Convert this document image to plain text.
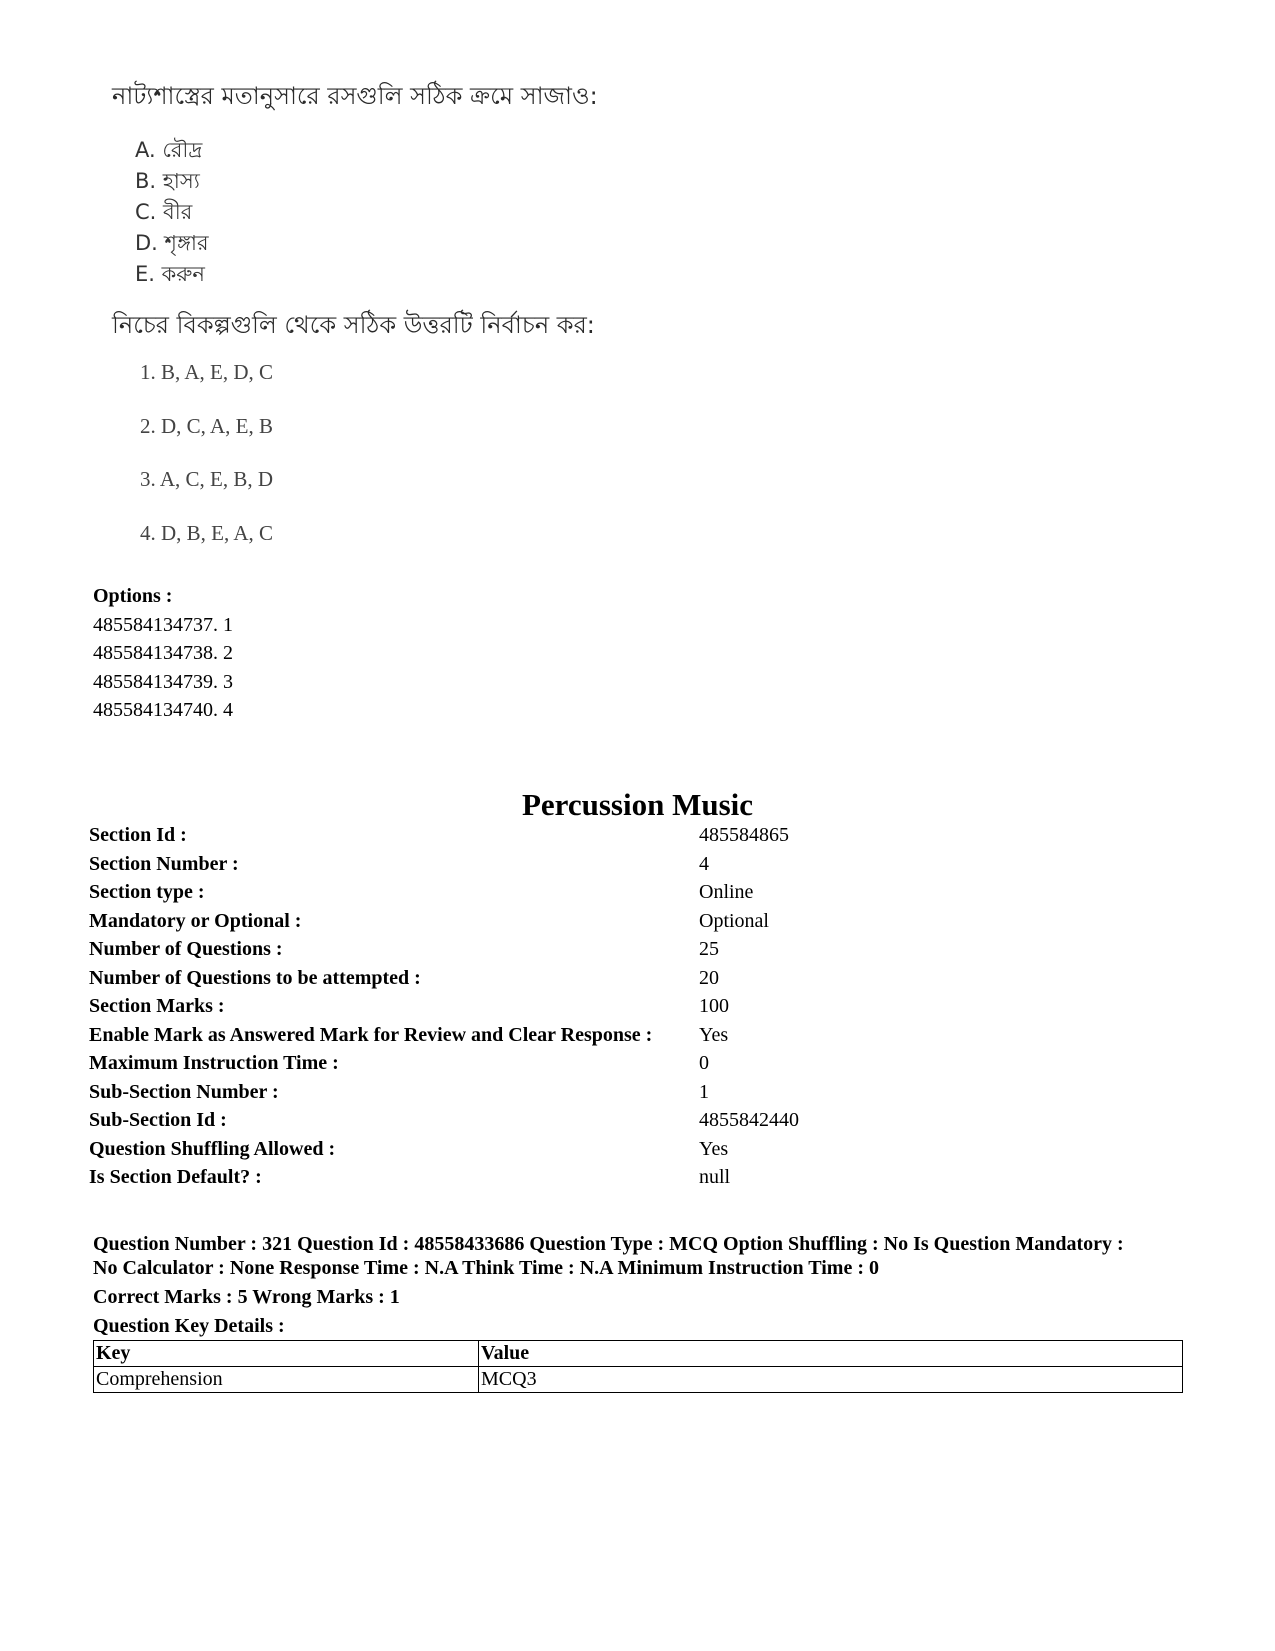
নাট্যশাস্ত্রের মতানুসারে রসগুলি সঠিক ক্রমে সাজাও:
A. রৌদ্র
B. হাস্য
C. বীর
D. শৃঙ্গার
E. করুন
নিচের বিকল্পগুলি থেকে সঠিক উত্তরটি নির্বাচন কর:
1. B, A, E, D, C
2. D, C, A, E, B
3. A, C, E, B, D
4. D, B, E, A, C
Options :
485584134737. 1
485584134738. 2
485584134739. 3
485584134740. 4
Percussion Music
Section Id :	485584865
Section Number :	4
Section type :	Online
Mandatory or Optional :	Optional
Number of Questions :	25
Number of Questions to be attempted :	20
Section Marks :	100
Enable Mark as Answered Mark for Review and Clear Response : Yes
Maximum Instruction Time :	0
Sub-Section Number :	1
Sub-Section Id :	4855842440
Question Shuffling Allowed :	Yes
Is Section Default? :	null
Question Number : 321 Question Id : 48558433686 Question Type : MCQ Option Shuffling : No Is Question Mandatory :
No Calculator : None Response Time : N.A Think Time : N.A Minimum Instruction Time : 0
Correct Marks : 5 Wrong Marks : 1
Question Key Details :
Key	Value
Comprehension	MCQ3
